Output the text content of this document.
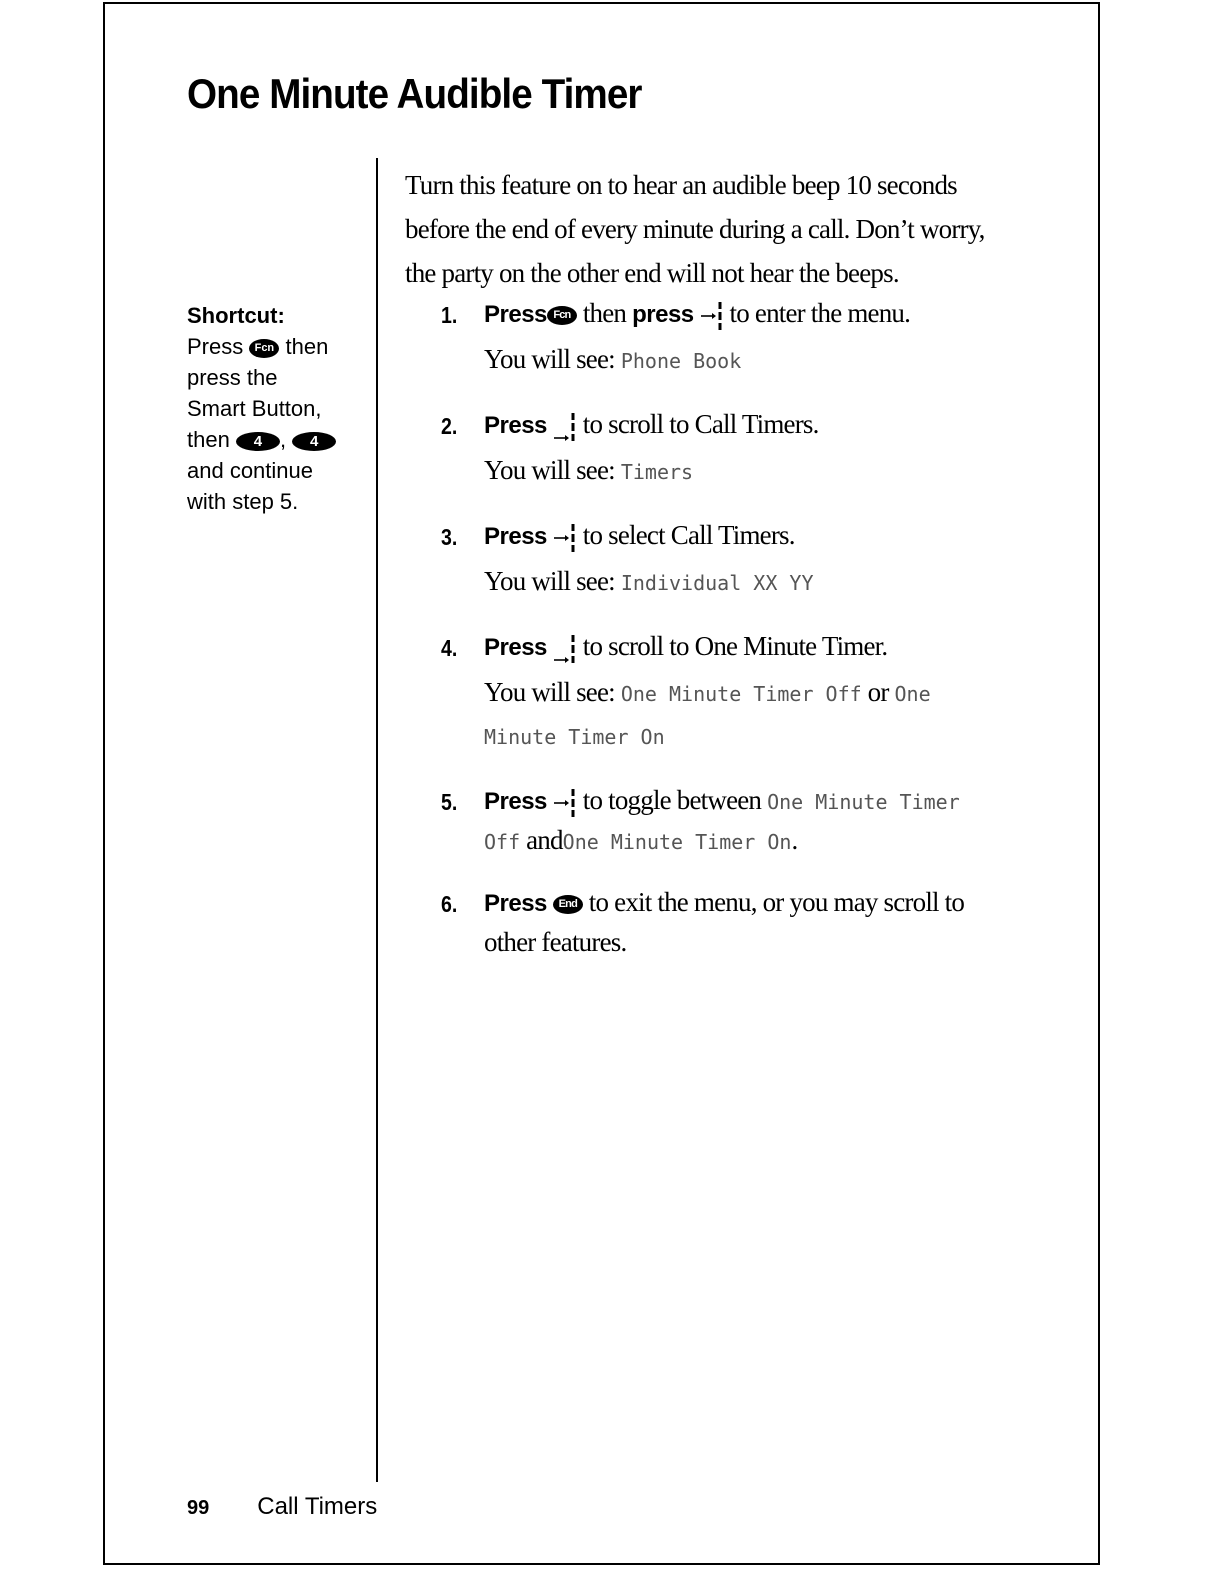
One Minute Audible Timer
Shortcut:
Press Fcn then
press the
Smart Button,
then 4 , 4
and continue
with step 5.
Turn this feature on to hear an audible beep 10 seconds
before the end of every minute during a call. Don’t worry,
the party on the other end will not hear the beeps.
1. Press Fcn then press to enter the menu.
You will see: Phone Book
2. Press to scroll to Call Timers.
You will see: Timers
3. Press to select Call Timers.
You will see: Individual XX YY
4. Press to scroll to One Minute Timer.
You will see: One Minute Timer Off or One
Minute Timer On
5. Press to toggle between One Minute Timer
Off andOne Minute Timer On.
6. Press End to exit the menu, or you may scroll to
other features.
99 Call Timers
